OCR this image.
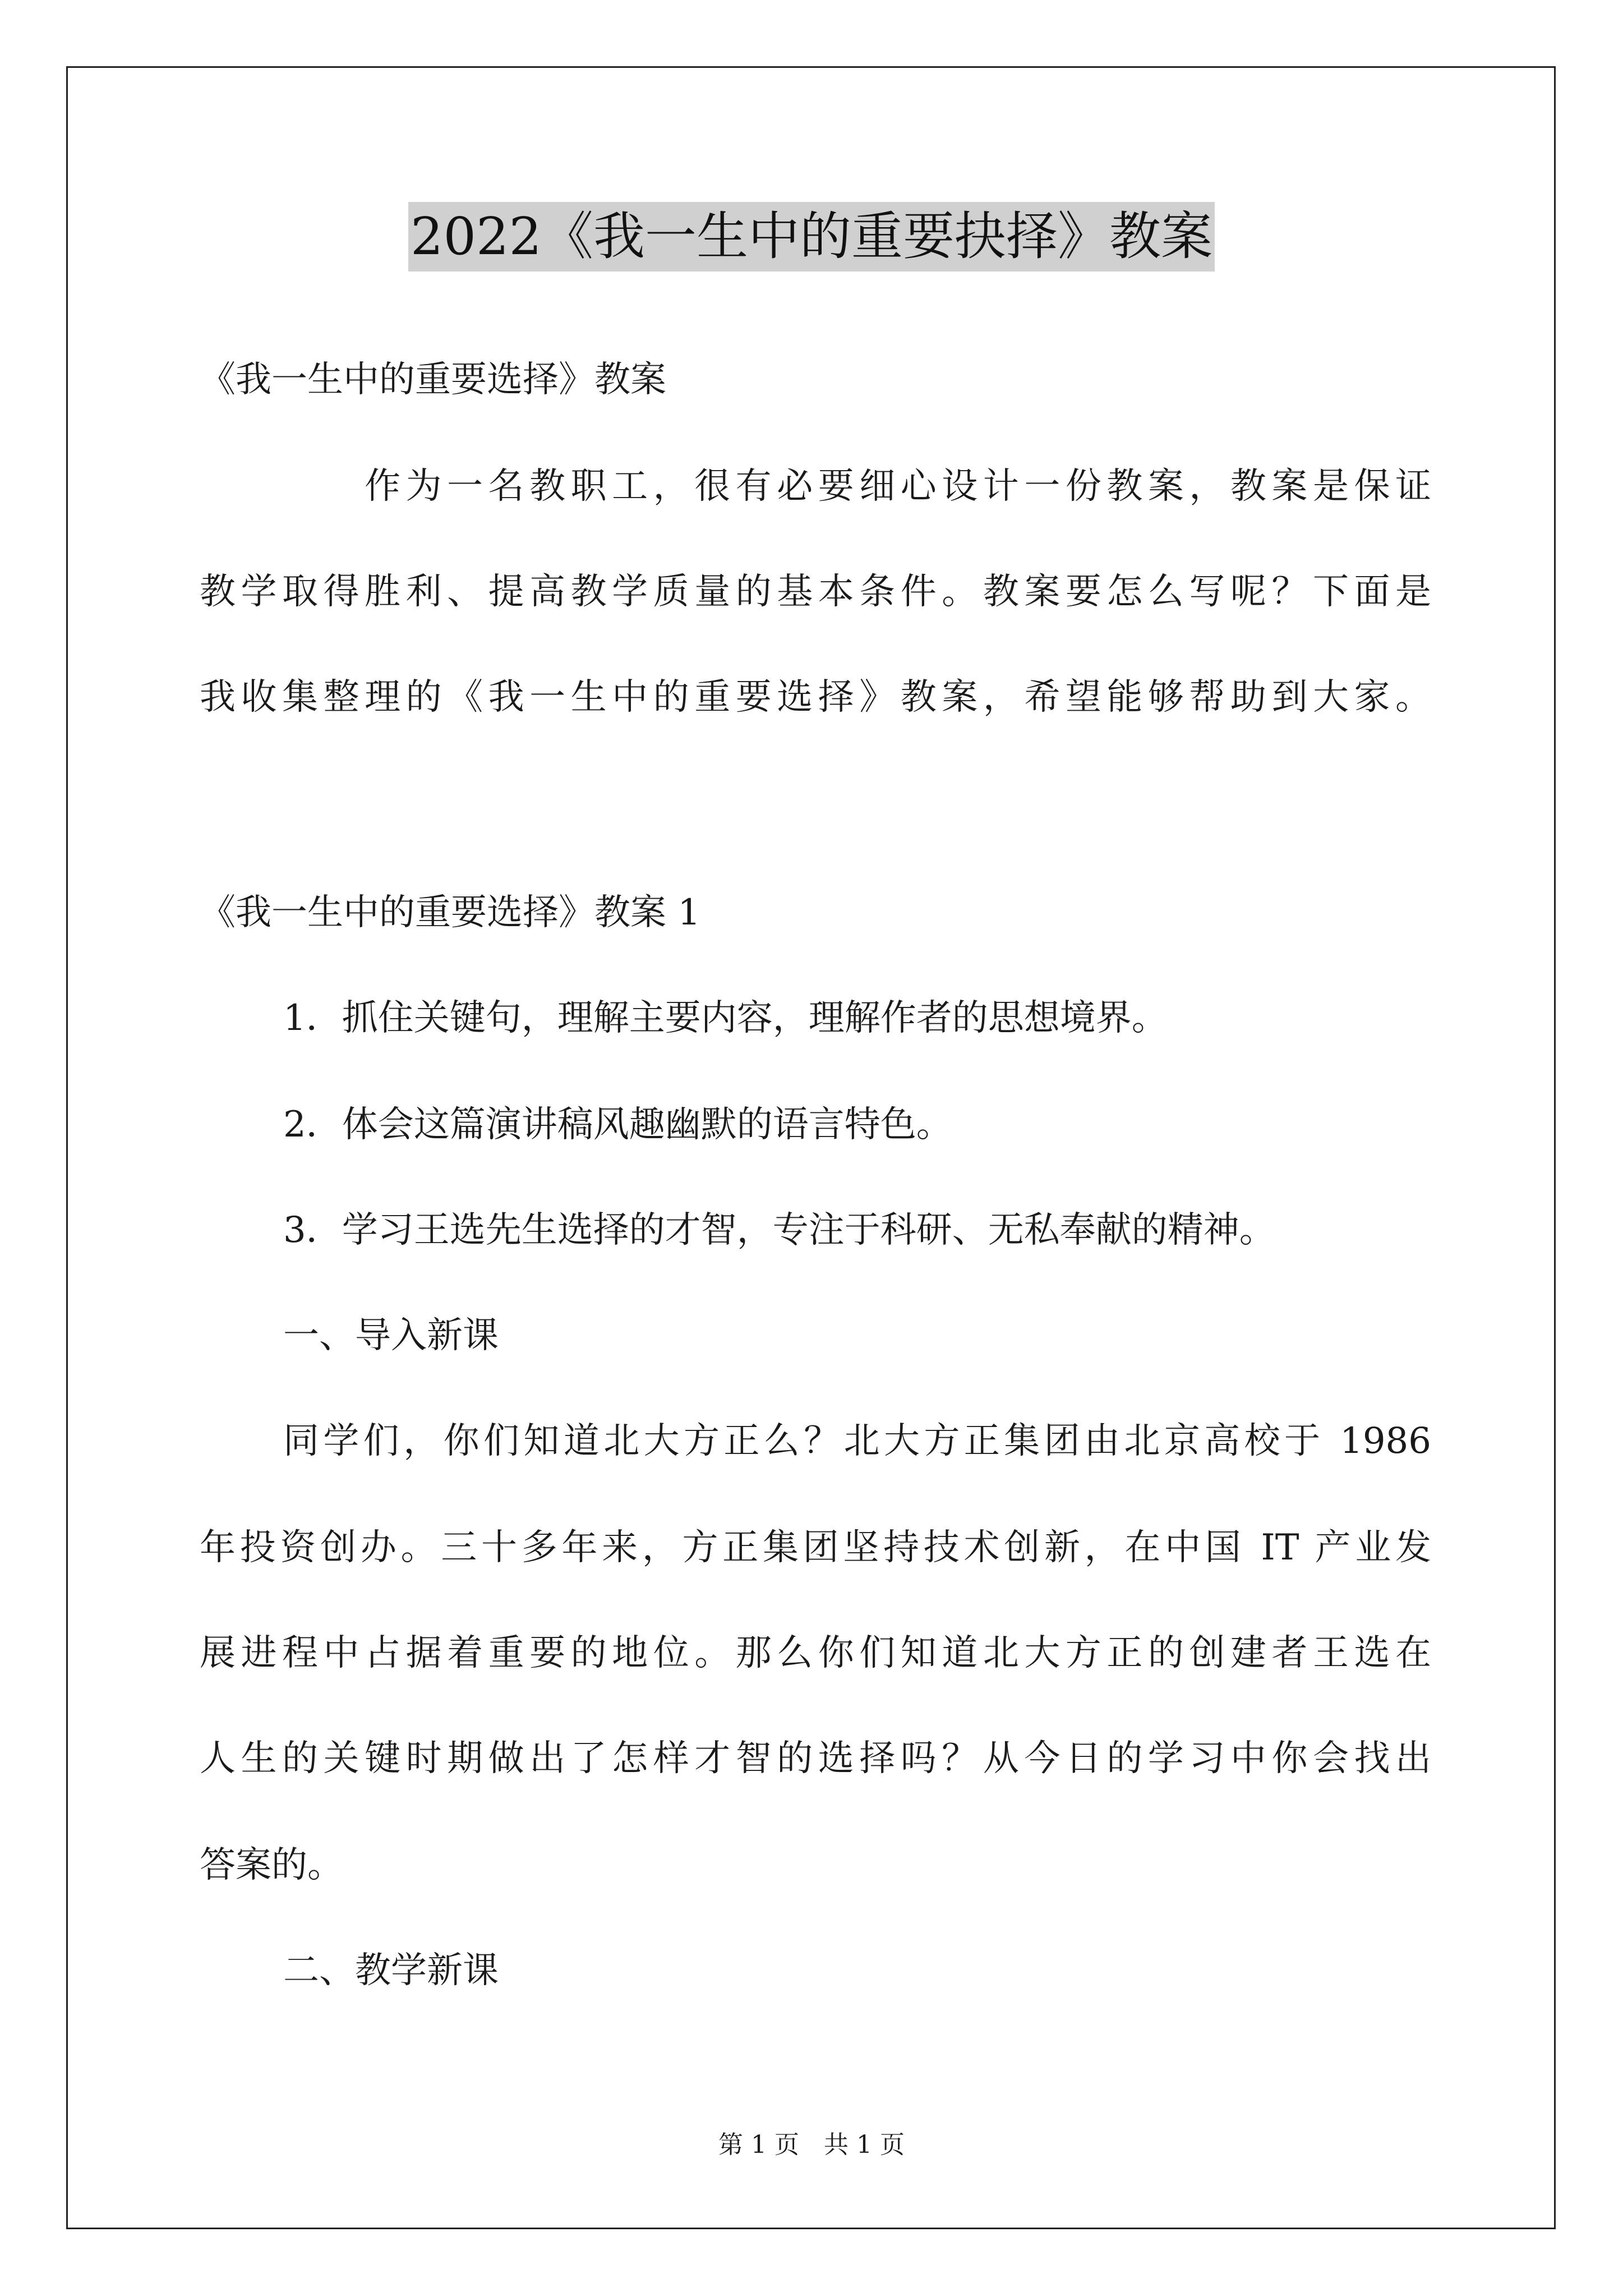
2022《我一生中的重要抉择》教案
《我一生中的重要选择》教案
作为一名教职工，很有必要细心设计一份教案，教案是保证
教学取得胜利、提高教学质量的基本条件。教案要怎么写呢？下面是
我收集整理的《我一生中的重要选择》教案，希望能够帮助到大家。
《我一生中的重要选择》教案 1
1．抓住关键句，理解主要内容，理解作者的思想境界。
2．体会这篇演讲稿风趣幽默的语言特色。
3．学习王选先生选择的才智，专注于科研、无私奉献的精神。
一、导入新课
同学们，你们知道北大方正么？北大方正集团由北京高校于 1986
年投资创办。三十多年来，方正集团坚持技术创新，在中国 IT 产业发
展进程中占据着重要的地位。那么你们知道北大方正的创建者王选在
人生的关键时期做出了怎样才智的选择吗？从今日的学习中你会找出
答案的。
二、教学新课
第 1 页　共 1 页
